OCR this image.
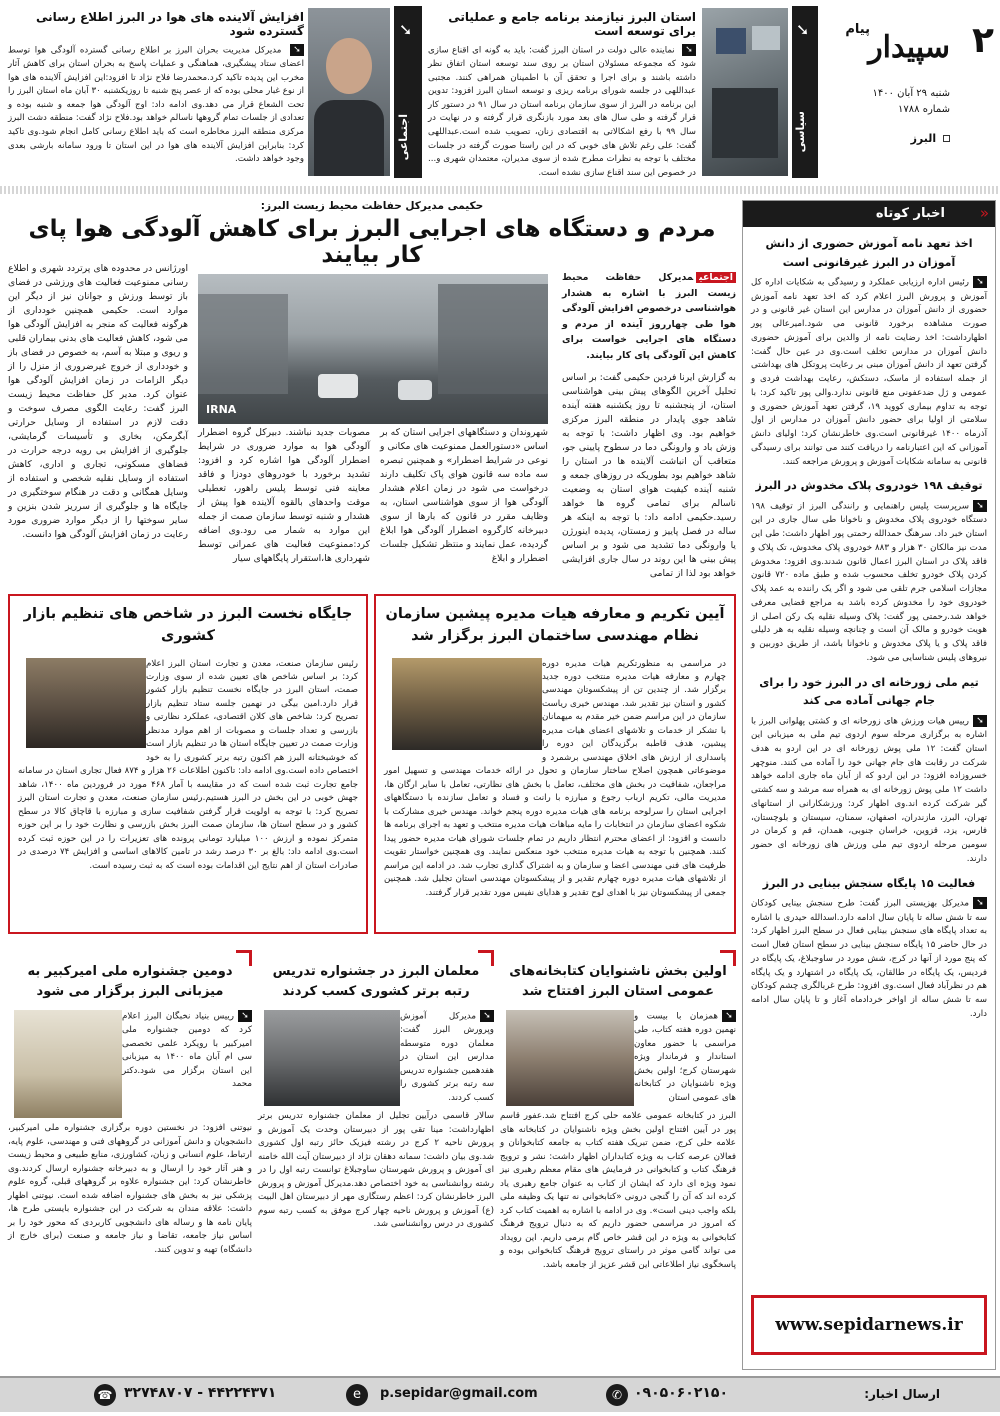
۲
پیام
سپیدار
شنبه ۲۹ آبان ۱۴۰۰
شماره ۱۷۸۸
البرز
➘
سیاسی
استان البرز نیازمند برنامه جامع و عملیاتی برای توسعه است
➘ نماینده عالی دولت در استان البرز گفت: باید به گونه ای اقناع سازی شود که مجموعه مسئولان استان بر روی سند توسعه استان اتفاق نظر داشته باشند و برای اجرا و تحقق آن با اطمینان همراهی کنند. مجتبی عبداللهی در جلسه شورای برنامه ریزی و توسعه استان البرز افزود: تدوین این برنامه در البرز از سوی سازمان برنامه استان در سال ۹۱ در دستور کار قرار گرفته و طی سال های بعد مورد بازنگری قرار گرفته و در نهایت در سال ۹۹ با رفع اشکالاتی به اقتصادی زنان، تصویب شده است.عبداللهی گفت: علی رغم تلاش های خوبی که در این راستا صورت گرفته در جلسات مختلف با توجه به نظرات مطرح شده از سوی مدیران، معتمدان شهری و... در خصوص این سند اقناع سازی نشده است.
➘
اجتماعی
افزایش آلاینده های هوا در البرز اطلاع رسانی گسترده شود
➘ مدیرکل مدیریت بحران البرز بر اطلاع رسانی گسترده آلودگی هوا توسط اعضای ستاد پیشگیری، هماهنگی و عملیات پاسخ به بحران استان برای کاهش آثار مخرب این پدیده تاکید کرد.محمدرضا فلاح نژاد تا افزود:این افزایش آلاینده های هوا از نوع غبار محلی بوده که از عصر پنج شنبه تا روزیکشنبه ۳۰ آبان ماه استان البرز را تحت الشعاع قرار می دهد.وی ادامه داد: اوج آلودگی هوا جمعه و شنبه بوده و تعدادی از جلسات تمام گروهها ناسالم خواهد بود.فلاح نژاد گفت: منطقه دشت البرز مرکزی منطقه البرز مخاطره است که باید اطلاع رسانی کامل انجام شود.وی تاکید کرد: بنابراین افزایش آلاینده های هوا در این استان تا ورود سامانه بارشی بعدی وجود خواهد داشت.
«
اخبار کوتاه
اخذ تعهد نامه آموزش حضوری از دانش آموزان در البرز غیرقانونی است
➘رئیس اداره ارزیابی عملکرد و رسیدگی به شکایات اداره کل آموزش و پرورش البرز اعلام کرد که اخذ تعهد نامه آموزش حضوری از دانش آموزان در مدارس این استان غیر قانونی و در صورت مشاهده برخورد قانونی می شود.امیرعالی پور اظهارداشت: اخذ رضایت نامه از والدین برای آموزش حضوری دانش آموزان در مدارس تخلف است.وی در عین حال گفت: گرفتن تعهد از دانش آموزان مبنی بر رعایت پروتکل های بهداشتی از جمله استفاده از ماسک، دستکش، رعایت بهداشت فردی و عمومی و ژل ضدعفونی منع قانونی ندارد.والی پور تاکید کرد: با توجه به تداوم بیماری کووید ۱۹، گرفتن تعهد آموزش حضوری و سلامتی از اولیا برای حضور دانش آموزان در مدارس از اول آذرماه ۱۴۰۰ غیرقانونی است.وی خاطرنشان کرد: اولیای دانش آموزانی که این اعتبارنامه را دریافت کنند می توانند برای رسیدگی قانونی به سامانه شکایات آموزش و پرورش مراجعه کنند.
توقیف ۱۹۸ خودروی پلاک مخدوش در البرز
➘سرپرست پلیس راهنمایی و رانندگی البرز از توقیف ۱۹۸ دستگاه خودروی پلاک مخدوش و ناخوانا طی سال جاری در این استان خبر داد. سرهنگ حمدالله رحمتی پور اظهار داشت: طی این مدت نیز مالکان ۳۰ هزار و ۸۸۳ خودروی پلاک مخدوش، تک پلاک و فاقد پلاک در استان البرز اعمال قانون شدند.وی افزود: مخدوش کردن پلاک خودرو تخلف محسوب شده و طبق ماده ۷۲۰ قانون مجازات اسلامی جرم تلقی می شود و اگر یک راننده به عمد پلاک خودروی خود را مخدوش کرده باشد به مراجع قضایی معرفی خواهد شد.رحمتی پور گفت: پلاک وسیله نقلیه یک رکن اصلی از هویت خودرو و مالک آن است و چنانچه وسیله نقلیه به هر دلیلی فاقد پلاک و یا پلاک مخدوش و ناخوانا باشد، از طریق دوربین و نیروهای پلیس شناسایی می شود.
تیم ملی زورخانه ای در البرز خود را برای جام جهانی آماده می کند
➘رییس هیات ورزش های زورخانه ای و کشتی پهلوانی البرز با اشاره به برگزاری مرحله سوم اردوی تیم ملی به میزبانی این استان گفت: ۱۲ ملی پوش زورخانه ای در این اردو به هدف شرکت در رقابت های جام جهانی خود را آماده می کنند. منوچهر خسروزاده افزود: در این اردو که از آبان ماه جاری ادامه خواهد داشت ۱۲ ملی پوش زورخانه ای به همراه سه مرشد و سه کشتی گیر شرکت کرده اند.وی اظهار کرد: ورزشکارانی از استانهای تهران، البرز، مازندران، اصفهان، سمنان، سیستان و بلوچستان، فارس، یزد، قزوین، خراسان جنوبی، همدان، قم و کرمان در سومین مرحله اردوی تیم ملی ورزش های زورخانه ای حضور دارند.
فعالیت ۱۵ پایگاه سنجش بینایی در البرز
➘مدیرکل بهزیستی البرز گفت: طرح سنجش بینایی کودکان سه تا شش ساله تا پایان سال ادامه دارد.اسدالله حیدری با اشاره به تعداد پایگاه های سنجش بینایی فعال در سطح البرز اظهار کرد: در حال حاضر ۱۵ پایگاه سنجش بینایی در سطح استان فعال است که پنج مورد از آنها در کرج، شش مورد در ساوجبلاغ، یک پایگاه در فردیس، یک پایگاه در طالقان، یک پایگاه در اشتهارد و یک پایگاه هم در نظرآباد فعال است.وی افزود: طرح غربالگری چشم کودکان سه تا شش ساله از اواخر خردادماه آغاز و تا پایان سال ادامه دارد.
www.sepidarnews.ir
حکیمی مدیرکل حفاظت محیط زیست البرز:
مردم و دستگاه های اجرایی البرز برای کاهش آلودگی هوا پای کار بیایند
اجتماعیمدیرکل حفاظت محیط زیست البرز با اشاره به هشدار هواشناسی درخصوص افزایش آلودگی هوا طی چهارروز آینده از مردم و دستگاه های اجرایی خواست برای کاهش این آلودگی پای کار بیایند.
به گزارش ایرنا فردین حکیمی گفت: بر اساس تحلیل آخرین الگوهای پیش بینی هواشناسی استان، از پنجشنبه تا روز یکشنبه هفته آینده شاهد جوی پایدار در منطقه البرز مرکزی خواهیم بود. وی اظهار داشت: با توجه به وزش باد و وارونگی دما در سطوح پایینی جو، متعاقب آن انباشت آلاینده ها در استان را شاهد خواهیم بود بطوریکه در روزهای جمعه و شنبه آینده کیفیت هوای استان به وضعیت ناسالم برای تمامی گروه ها خواهد رسید.حکیمی ادامه داد: با توجه به اینکه هر ساله در فصل پاییز و زمستان، پدیده اینورژن یا وارونگی دما تشدید می شود و بر اساس پیش بینی ها این روند در سال جاری افزایشی خواهد بود لذا از تمامی
IRNA
شهروندان و دستگاههای اجرایی استان که بر اساس «دستورالعمل ممنوعیت های مکانی و نوعی در شرایط اضطرار» و همچنین تبصره سه ماده سه قانون هوای پاک تکلیف دارند درخواست می شود در زمان اعلام هشدار آلودگی هوا از سوی هواشناسی استان، به وظایف مقرر در قانون که بارها از سوی دبیرخانه کارگروه اضطرار آلودگی هوا ابلاغ گردیده، عمل نمایند و منتظر تشکیل جلسات اضطرار و ابلاغ
مصوبات جدید نباشند. دبیرکل گروه اضطرار آلودگی هوا به موارد ضروری در شرایط اضطرار آلودگی هوا اشاره کرد و افزود: تشدید برخورد با خودروهای دودزا و فاقد معاینه فنی توسط پلیس راهور، تعطیلی موقت واحدهای بالقوه آلاینده هوا پیش از هشدار و شنبه توسط سازمان صمت از جمله این موارد به شمار می رود.وی اضافه کرد:ممنوعیت فعالیت های عمرانی توسط شهرداری ها،استقرار پایگاههای سیار
اورژانس در محدوده های پرتردد شهری و اطلاع رسانی ممنوعیت فعالیت های ورزشی در فضای باز توسط ورزش و جوانان نیز از دیگر این موارد است. حکیمی همچنین خودداری از هرگونه فعالیت که منجر به افزایش آلودگی هوا می شود، کاهش فعالیت های بدنی بیماران قلبی و ریوی و مبتلا به آسم، به خصوص در فضای باز و خودداری از خروج غیرضروری از منزل را از دیگر الزامات در زمان افزایش آلودگی هوا عنوان کرد. مدیر کل حفاظت محیط زیست البرز گفت: رعایت الگوی مصرف سوخت و دقت لازم در استفاده از وسایل حرارتی آبگرمکن، بخاری و تأسیسات گرمایشی، جلوگیری از افزایش بی رویه درجه حرارت در فضاهای مسکونی، تجاری و اداری، کاهش استفاده از وسایل نقلیه شخصی و استفاده از وسایل همگانی و دقت در هنگام سوختگیری در جایگاه ها و جلوگیری از سرریز شدن بنزین و سایر سوختها را از دیگر موارد ضروری مورد رعایت در زمان افزایش آلودگی هوا دانست.
آیین تکریم و معارفه هیات مدیره پیشین سازمان نظام مهندسی ساختمان البرز برگزار شد
در مراسمی به منظورتکریم هیات مدیره دوره چهارم و معارفه هیات مدیره منتخب دوره جدید برگزار شد. از چندین تن از پیشکسوتان مهندسی کشور و استان نیز تقدیر شد. مهندس خیری ریاست سازمان در این مراسم ضمن خیر مقدم به میهمانان با تشکر از خدمات و تلاشهای اعضای هیات مدیره پیشین، هدف قاطبه برگزیدگان این دوره را پاسداری از ارزش های اخلاق مهندسی برشمرد و موضوعاتی همچون اصلاح ساختار سازمان و تحول در ارائه خدمات مهندسی و تسهیل امور مراجعان، شفافیت در بخش های مختلف، تعامل با بخش های نظارتی، تعامل با سایر ارگان ها، مدیریت مالی، تکریم ارباب رجوع و مبارزه با رانت و فساد و تعامل سازنده با دستگاههای اجرایی استان را سرلوحه برنامه های هیات مدیره دوره پنجم خواند. مهندس خیری مشارکت با شکوه اعضای سازمان در انتخابات را مایه مباهات هیات مدیره منتخب و تعهد به اجرای برنامه ها دانست و افزود: از اعضای محترم انتظار داریم در تمام جلسات شورای هیات مدیره حضور پیدا کنند. همچنین با توجه به هیات مدیره منتخب خود منعکس نمایند. وی همچنین خواستار تقویت ظرفیت های فنی مهندسی اعضا و سازمان و به اشتراک گذاری تجارب شد. در ادامه این مراسم از تلاشهای هیات مدیره دوره چهارم تقدیر و از پیشکسوتان مهندسی استان تجلیل شد. همچنین جمعی از پیشکسوتان نیز با اهدای لوح تقدیر و هدایای نفیس مورد تقدیر قرار گرفتند.
جایگاه نخست البرز در شاخص های تنظیم بازار کشوری
رئیس سازمان صنعت، معدن و تجارت استان البرز اعلام کرد: بر اساس شاخص های تعیین شده از سوی وزارت صمت، استان البرز در جایگاه نخست تنظیم بازار کشور قرار دارد.امین بیگی در نهمین جلسه ستاد تنظیم بازار تصریح کرد: شاخص های کلان اقتصادی، عملکرد نظارتی و بازرسی و تعداد جلسات و مصوبات از اهم موارد مدنظر وزارت صمت در تعیین جایگاه استان ها در تنظیم بازار است که خوشبختانه البرز هم اکنون رتبه برتر کشوری را به خود اختصاص داده است.وی ادامه داد: تاکنون اطلاعات ۲۶ هزار و ۸۷۴ فعال تجاری استان در سامانه جامع تجارت ثبت شده است که در مقایسه با آمار ۴۶۸ مورد در فروردین ماه ۱۴۰۰، شاهد جهش خوبی در این بخش در البرز هستیم.رئیس سازمان صنعت، معدن و تجارت استان البرز تصریح کرد: با توجه به اولویت قرار گرفتن شفافیت سازی و مبارزه با قاچاق کالا در سطح کشور و در سطح استان ها، سازمان صمت البرز بخش بازرسی و نظارت خود را بر این حوزه متمرکز نموده و ارزش ۱۰۰ میلیارد تومانی پرونده های تعزیرات را در این حوزه ثبت کرده است.وی ادامه داد: بالغ بر ۳۰ درصد رشد در تامین کالاهای اساسی و افزایش ۷۴ درصدی در صادرات استان از اهم نتایج این اقدامات بوده است که به ثبت رسیده است.
اولین بخش ناشنوایان کتابخانه‌های عمومی استان البرز افتتاح شد
➘همزمان با بیست و نهمین دوره هفته کتاب، طی مراسمی با حضور معاون استاندار و فرماندار ویژه شهرستان کرج؛ اولین بخش ویژه ناشنوایان در کتابخانه های عمومی استان
البرز در کتابخانه عمومی علامه حلی کرج افتتاح شد.عفور قاسم پور در آیین افتتاح اولین بخش ویژه ناشنوایان در کتابخانه های علامه حلی کرج، ضمن تبریک هفته کتاب به جامعه کتابخوانان و فعالان عرصه کتاب به ویژه کتابداران اظهار داشت: نشر و ترویج فرهنگ کتاب و کتابخوانی در فرمایش های مقام معظم رهبری نیز نمود ویژه ای دارد که ایشان از کتاب به عنوان جامع رهبری یاد کرده اند که آن را گنجی درونی «کتابخوانی نه تنها یک وظیفه ملی بلکه واجب دینی است». وی در ادامه با اشاره به اهمیت کتاب کرد که امروز در مراسمی حضور داریم که به دنبال ترویج فرهنگ کتابخوانی به ویژه در این قشر خاص گام برمی داریم. این رویداد می تواند گامی موثر در راستای ترویج فرهنگ کتابخوانی بوده و پاسخگوی نیاز اطلاعاتی این قشر عزیز از جامعه باشد.
معلمان البرز در جشنواره تدریس رتبه برتر کشوری کسب کردند
➘مدیرکل آموزش وپرورش البرز گفت: معلمان دوره متوسطه مدارس این استان در هفدهمین جشنواره تدریس سه رتبه برتر کشوری را کسب کردند.
سالار قاسمی درآیین تجلیل از معلمان جشنواره تدریس برتر اظهارداشت: مینا تقی پور از دبیرستان وحدت یک آموزش و پرورش ناحیه ۲ کرج در رشته فیزیک حائز رتبه اول کشوری شد.وی بیان داشت: سمانه دهقان نژاد از دبیرستان آیت الله خامنه ای آموزش و پرورش شهرستان ساوجبلاغ توانست رتبه اول را در رشته روانشناسی به خود اختصاص دهد.مدیرکل آموزش و پرورش البرز خاطرنشان کرد: اعظم رستگاری مهر از دبیرستان اهل البیت (ع) آموزش و پرورش ناحیه چهار کرج موفق به کسب رتبه سوم کشوری در درس روانشناسی شد.
دومین جشنواره ملی امیرکبیر به میزبانی البرز برگزار می شود
➘رییس بنیاد نخبگان البرز اعلام کرد که دومین جشنواره ملی امیرکبیر با رویکرد علمی تخصصی سی ام آبان ماه ۱۴۰۰ به میزبانی این استان برگزار می شود.دکتر محمد
نیوتنی افزود: در نخستین دوره برگزاری جشنواره ملی امیرکبیر، دانشجویان و دانش آموزانی در گروههای فنی و مهندسی، علوم پایه، ارتباط، علوم انسانی و زبان، کشاورزی، منابع طبیعی و محیط زیست و هنر آثار خود را ارسال و به دبیرخانه جشنواره ارسال کردند.وی خاطرنشان کرد: این جشنواره علاوه بر گروههای قبلی، گروه علوم پزشکی نیز به بخش های جشنواره اضافه شده است. نیوتنی اظهار داشت: علاقه مندان به شرکت در این جشنواره بایستی طرح ها، پایان نامه ها و رساله های دانشجویی کاربردی که محور خود را بر اساس نیاز جامعه، تقاضا و نیاز جامعه و صنعت (برای خارج از دانشگاه) تهیه و تدوین کنند.
ارسال اخبار:
✆ ۰۹۰۵۰۶۰۲۱۵۰
e	p.sepidar@gmail.com
☎ ۳۲۷۴۸۷۰۷ - ۴۴۲۲۴۳۷۱
